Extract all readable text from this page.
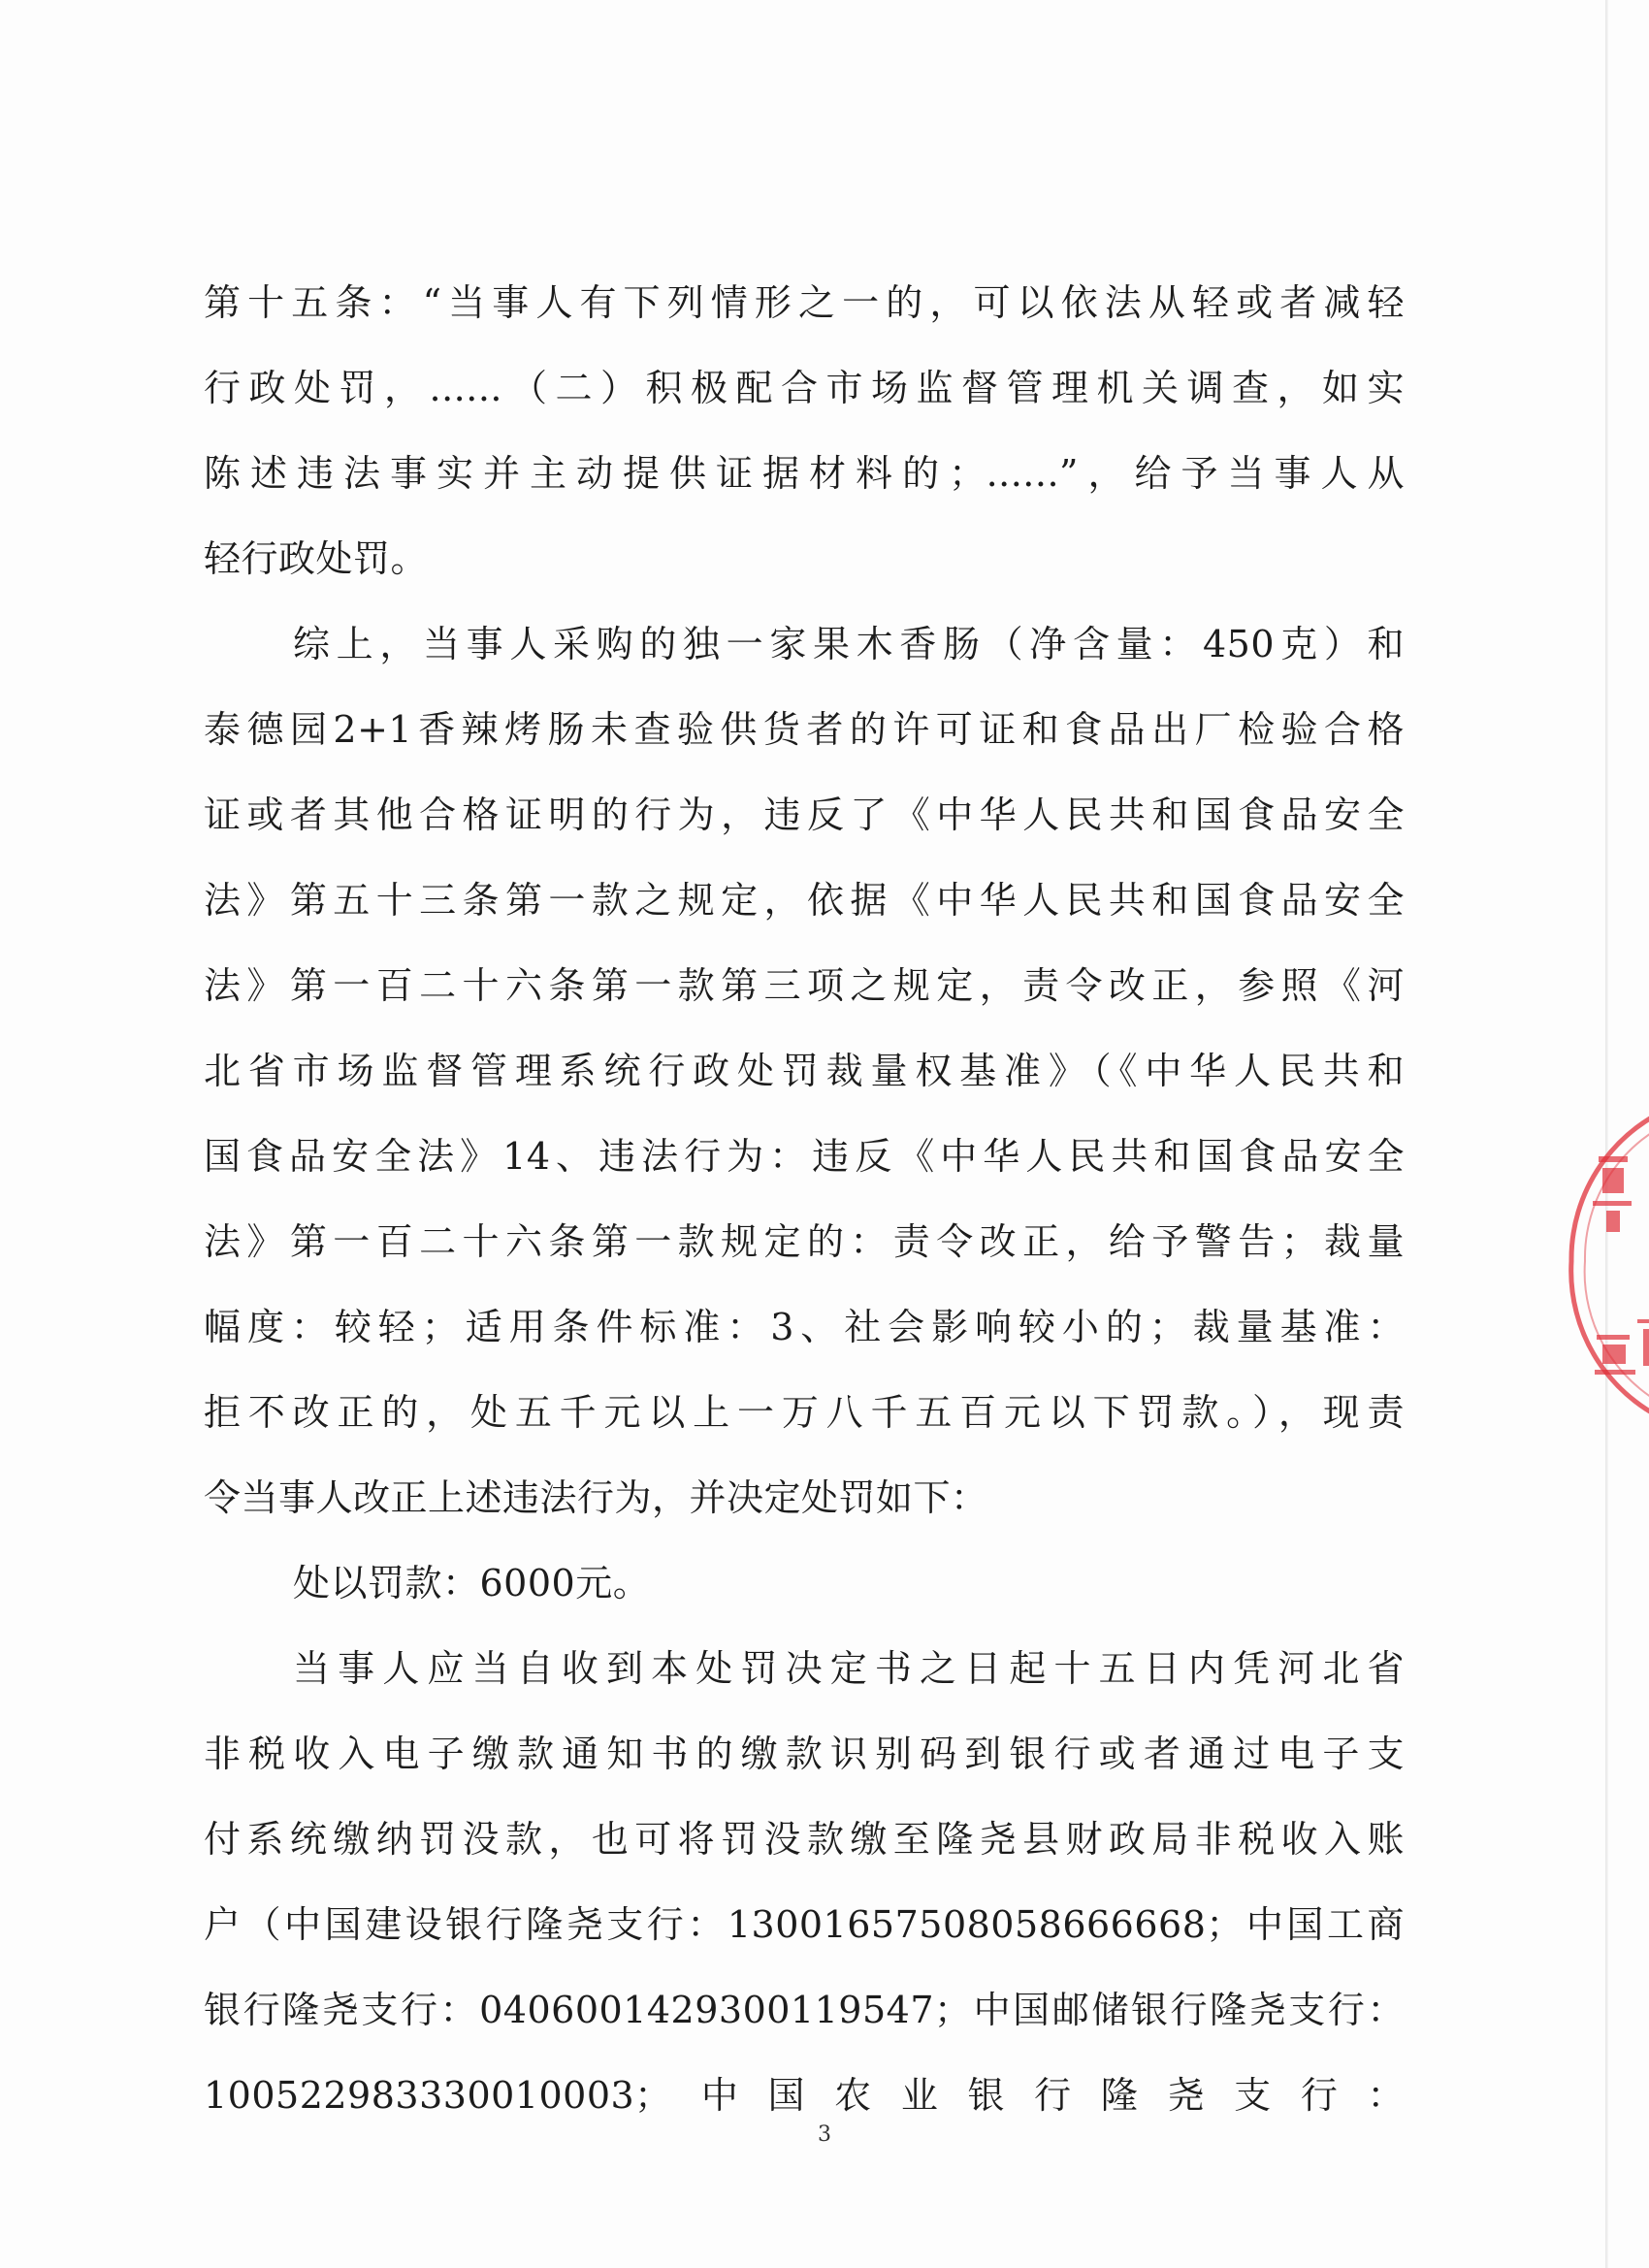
第十五条：“当事人有下列情形之一的，可以依法从轻或者减轻
行政处罚，......（二）积极配合市场监督管理机关调查，如实
陈述违法事实并主动提供证据材料的；......”，给予当事人从
轻行政处罚。
综上，当事人采购的独一家果木香肠（净含量：450克）和
泰德园2+1香辣烤肠未查验供货者的许可证和食品出厂检验合格
证或者其他合格证明的行为，违反了《中华人民共和国食品安全
法》第五十三条第一款之规定，依据《中华人民共和国食品安全
法》第一百二十六条第一款第三项之规定，责令改正，参照《河
北省市场监督管理系统行政处罚裁量权基准》（《中华人民共和
国食品安全法》14、违法行为：违反《中华人民共和国食品安全
法》第一百二十六条第一款规定的：责令改正，给予警告；裁量
幅度：较轻；适用条件标准：3、社会影响较小的；裁量基准：
拒不改正的，处五千元以上一万八千五百元以下罚款。），现责
令当事人改正上述违法行为，并决定处罚如下：
处以罚款：6000元。
当事人应当自收到本处罚决定书之日起十五日内凭河北省
非税收入电子缴款通知书的缴款识别码到银行或者通过电子支
付系统缴纳罚没款，也可将罚没款缴至隆尧县财政局非税收入账
户（中国建设银行隆尧支行：13001657508058666668；中国工商
银行隆尧支行：0406001429300119547；中国邮储银行隆尧支行：
100522983330010003；中国农业银行隆尧支行：
3
